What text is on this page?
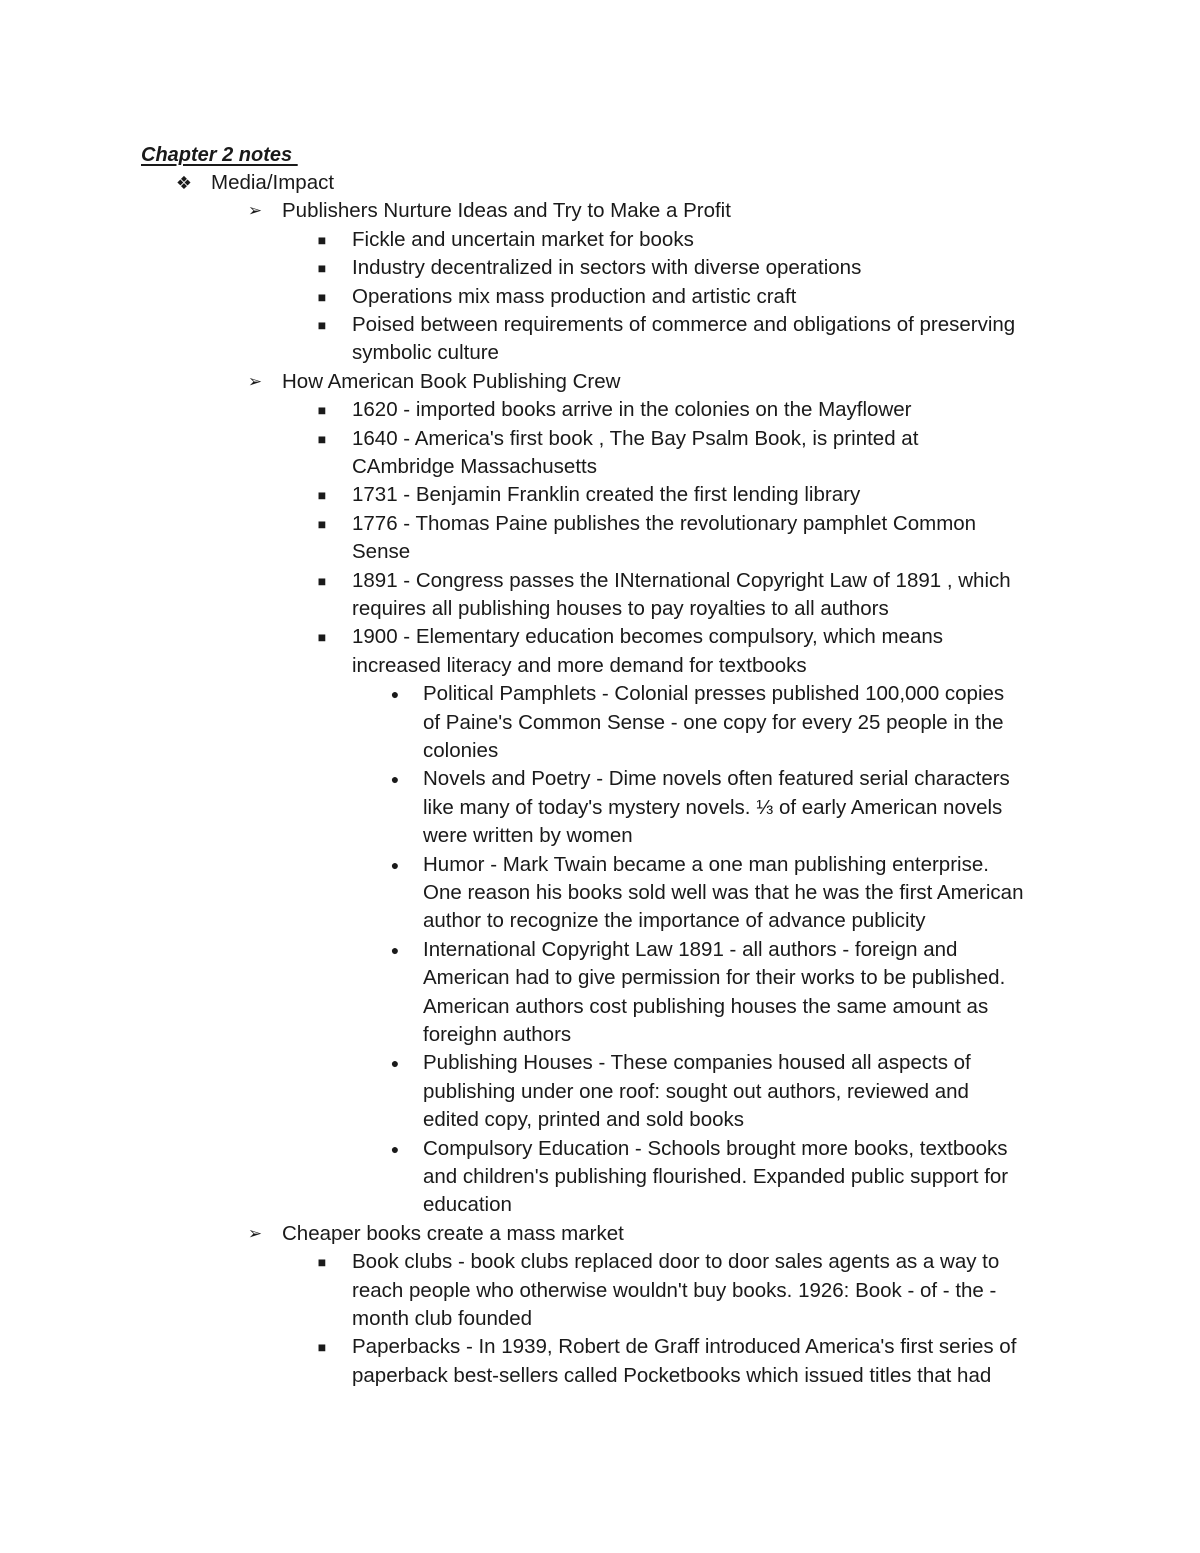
Chapter 2 notes
❖ Media/Impact
➢ Publishers Nurture Ideas and Try to Make a Profit
■	Fickle and uncertain market for books
■	Industry decentralized in sectors with diverse operations
■	Operations mix mass production and artistic craft
■	Poised between requirements of commerce and obligations of preserving
symbolic culture
➢ How American Book Publishing Crew
■	1620 - imported books arrive in the colonies on the Mayflower
■	1640 - America's first book , The Bay Psalm Book, is printed at
CAmbridge Massachusetts
■	1731 - Benjamin Franklin created the first lending library
■	1776 - Thomas Paine publishes the revolutionary pamphlet Common
Sense
■	1891 - Congress passes the INternational Copyright Law of 1891 , which
requires all publishing houses to pay royalties to all authors
■	1900 - Elementary education becomes compulsory, which means
increased literacy and more demand for textbooks
●	Political Pamphlets - Colonial presses published 100,000 copies
of Paine's Common Sense - one copy for every 25 people in the
colonies
●	Novels and Poetry - Dime novels often featured serial characters
like many of today's mystery novels. ⅓ of early American novels
were written by women
●	Humor - Mark Twain became a one man publishing enterprise.
One reason his books sold well was that he was the first American
author to recognize the importance of advance publicity
●	International Copyright Law 1891 - all authors - foreign and
American had to give permission for their works to be published.
American authors cost publishing houses the same amount as
foreighn authors
●	Publishing Houses - These companies housed all aspects of
publishing under one roof: sought out authors, reviewed and
edited copy, printed and sold books
●	Compulsory Education - Schools brought more books, textbooks
and children's publishing flourished. Expanded public support for
education
➢ Cheaper books create a mass market
■	Book clubs - book clubs replaced door to door sales agents as a way to
reach people who otherwise wouldn't buy books. 1926: Book - of - the -
month club founded
■	Paperbacks - In 1939, Robert de Graff introduced America's first series of
paperback best-sellers called Pocketbooks which issued titles that had
